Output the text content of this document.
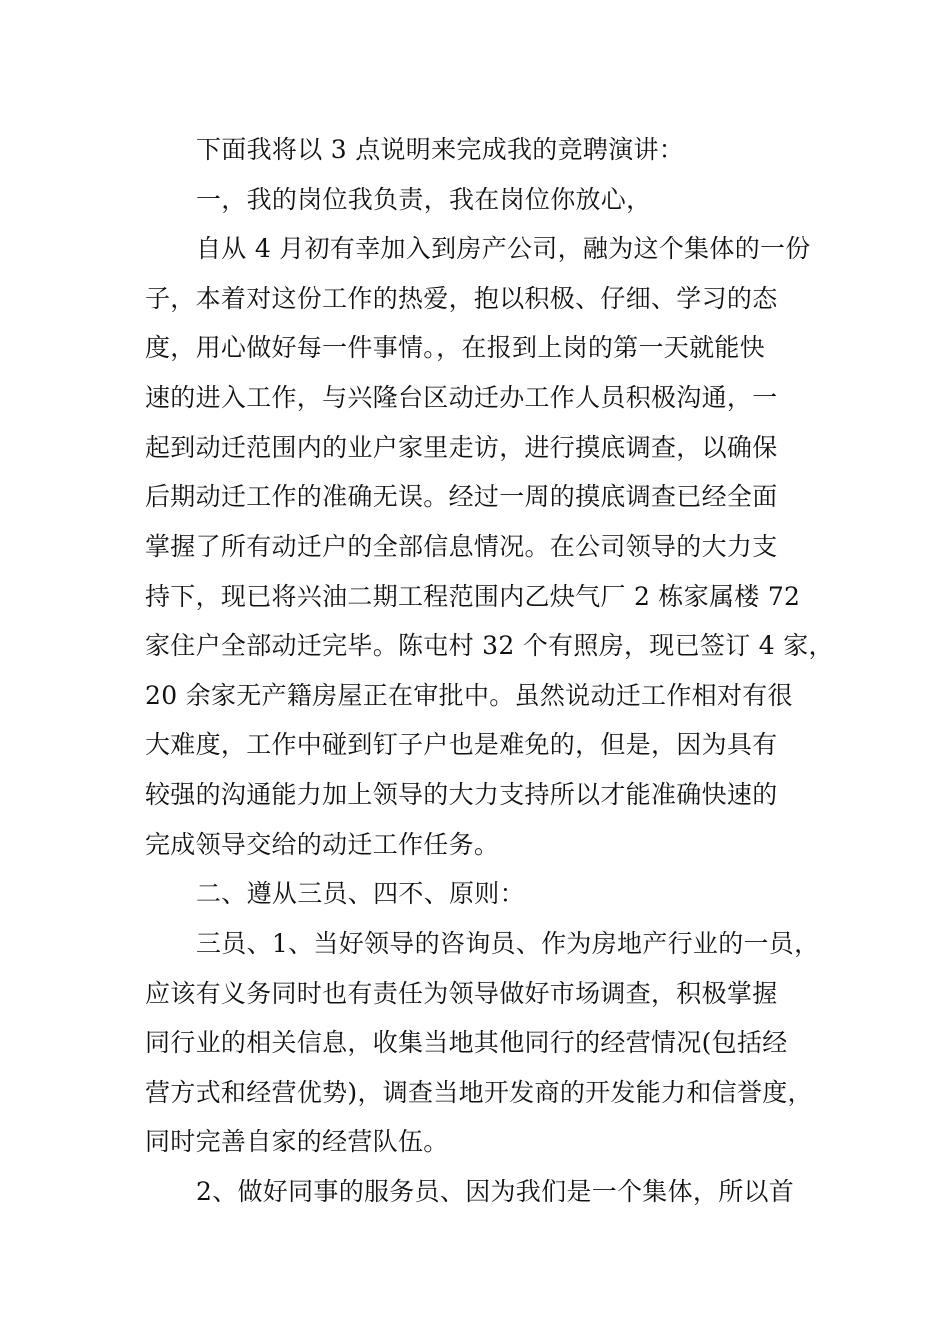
下面我将以 3 点说明来完成我的竞聘演讲：
一，我的岗位我负责，我在岗位你放心，
自从 4 月初有幸加入到房产公司，融为这个集体的一份
子，本着对这份工作的热爱，抱以积极、仔细、学习的态
度，用心做好每一件事情。，在报到上岗的第一天就能快
速的进入工作，与兴隆台区动迁办工作人员积极沟通，一
起到动迁范围内的业户家里走访，进行摸底调查，以确保
后期动迁工作的准确无误。经过一周的摸底调查已经全面
掌握了所有动迁户的全部信息情况。在公司领导的大力支
持下，现已将兴油二期工程范围内乙炔气厂 2 栋家属楼 72
家住户全部动迁完毕。陈屯村 32 个有照房，现已签订 4 家，
20 余家无产籍房屋正在审批中。虽然说动迁工作相对有很
大难度，工作中碰到钉子户也是难免的，但是，因为具有
较强的沟通能力加上领导的大力支持所以才能准确快速的
完成领导交给的动迁工作任务。
二、遵从三员、四不、原则：
三员、1、当好领导的咨询员、作为房地产行业的一员，
应该有义务同时也有责任为领导做好市场调查，积极掌握
同行业的相关信息，收集当地其他同行的经营情况(包括经
营方式和经营优势)，调查当地开发商的开发能力和信誉度，
同时完善自家的经营队伍。
2、做好同事的服务员、因为我们是一个集体，所以首
